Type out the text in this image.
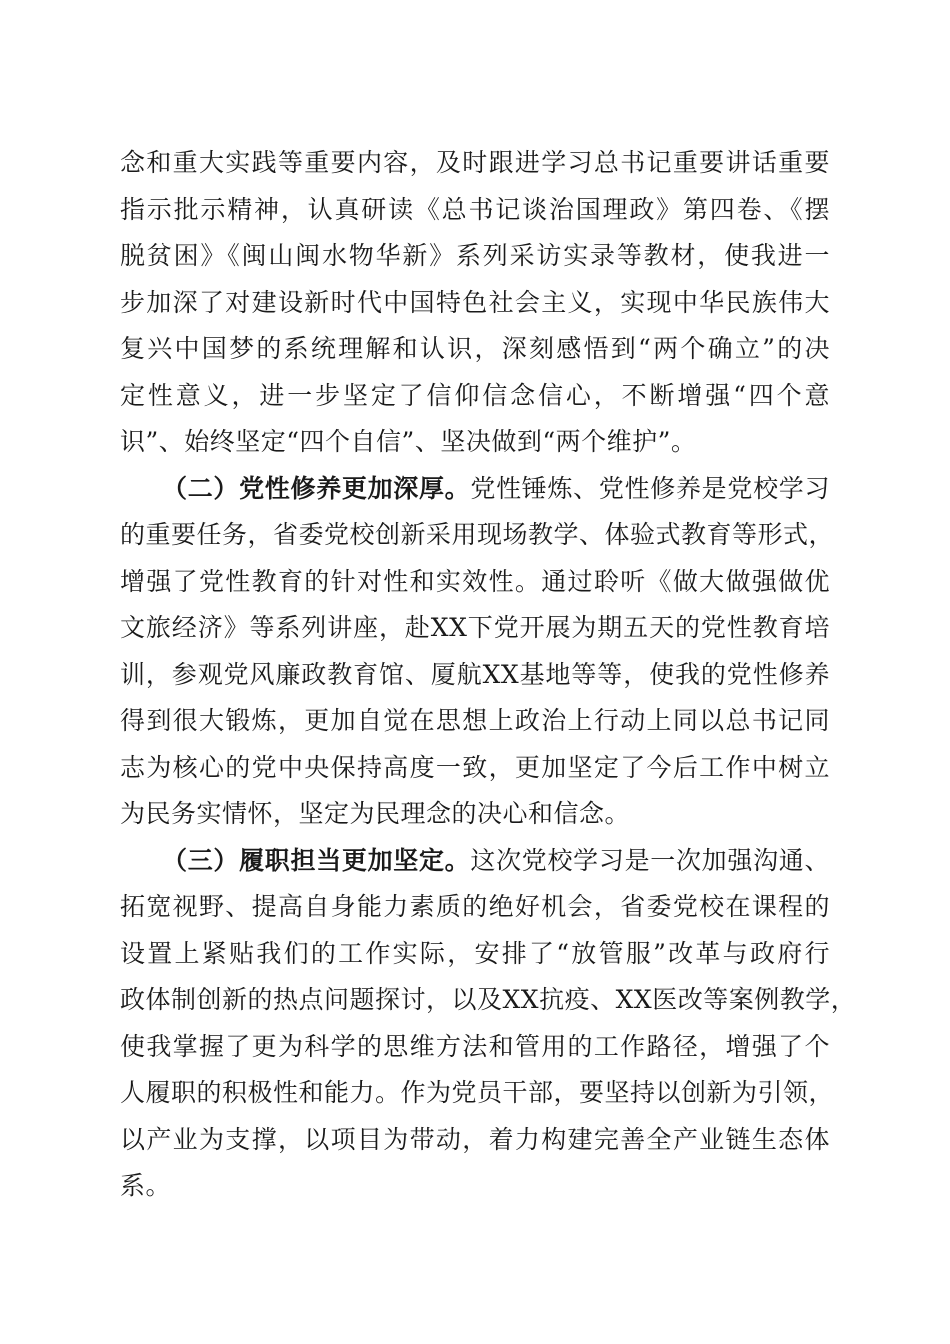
念和重大实践等重要内容，及时跟进学习总书记重要讲话重要
指示批示精神，认真研读《总书记谈治国理政》第四卷、《摆
脱贫困》《闽山闽水物华新》系列采访实录等教材，使我进一
步加深了对建设新时代中国特色社会主义，实现中华民族伟大
复兴中国梦的系统理解和认识，深刻感悟到“两个确立”的决
定性意义，进一步坚定了信仰信念信心，不断增强“四个意
识”、始终坚定“四个自信”、坚决做到“两个维护”。
（二）党性修养更加深厚。党性锤炼、党性修养是党校学习
的重要任务，省委党校创新采用现场教学、体验式教育等形式，
增强了党性教育的针对性和实效性。通过聆听《做大做强做优
文旅经济》等系列讲座，赴XX下党开展为期五天的党性教育培
训，参观党风廉政教育馆、厦航XX基地等等，使我的党性修养
得到很大锻炼，更加自觉在思想上政治上行动上同以总书记同
志为核心的党中央保持高度一致，更加坚定了今后工作中树立
为民务实情怀，坚定为民理念的决心和信念。
（三）履职担当更加坚定。这次党校学习是一次加强沟通、
拓宽视野、提高自身能力素质的绝好机会，省委党校在课程的
设置上紧贴我们的工作实际，安排了“放管服”改革与政府行
政体制创新的热点问题探讨，以及XX抗疫、XX医改等案例教学，
使我掌握了更为科学的思维方法和管用的工作路径，增强了个
人履职的积极性和能力。作为党员干部，要坚持以创新为引领，
以产业为支撑，以项目为带动，着力构建完善全产业链生态体
系。
